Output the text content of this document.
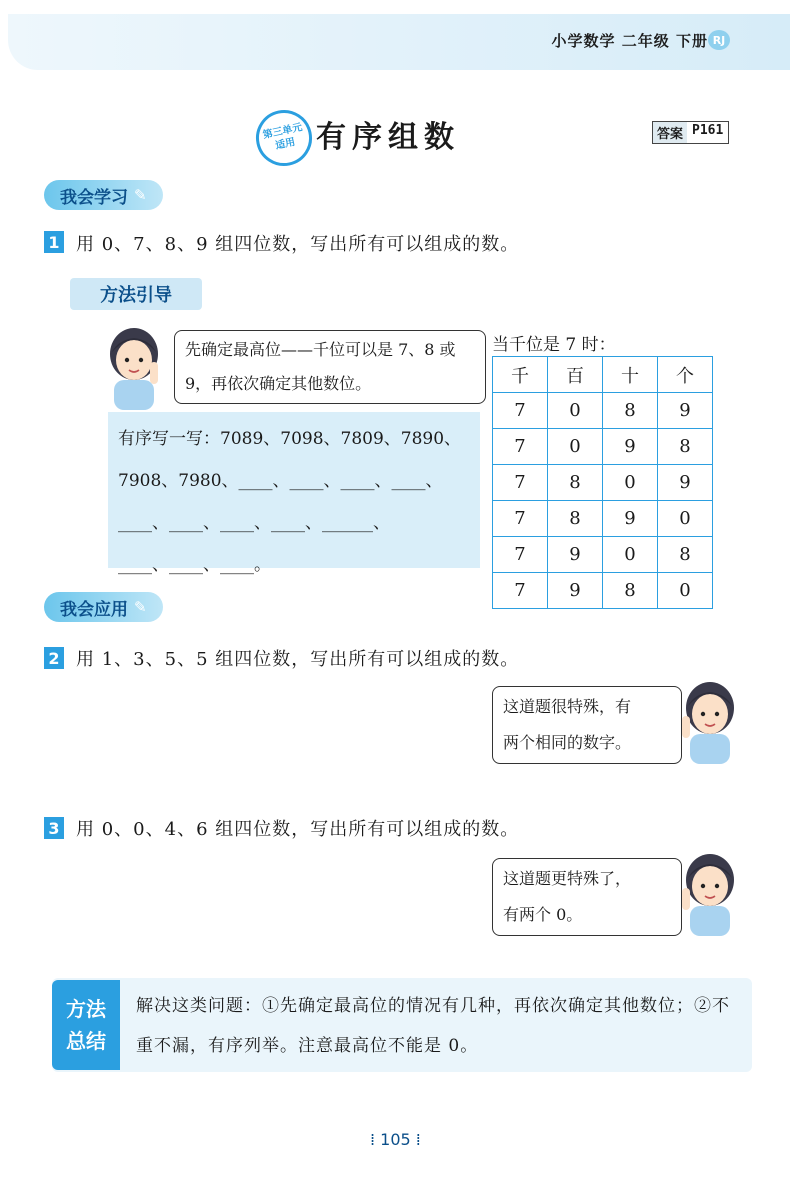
小学数学 二年级 下册 RJ
第三单元
适用 有序组数	答案 P161
我会学习 ✎
1 用 0、7、8、9 组四位数，写出所有可以组成的数。
方法引导
先确定最高位——千位可以是 7、8 或 9，再依次确定其他数位。
有序写一写：7089、7098、7809、7890、
7908、7980、____、____、____、____、
____、____、____、____、______、
____、____、____。
当千位是 7 时：
千	百	十	个
7	0	8	9
7	0	9	8
7	8	0	9
7	8	9	0
7	9	0	8
7	9	8	0
我会应用 ✎
2 用 1、3、5、5 组四位数，写出所有可以组成的数。
这道题很特殊，有
两个相同的数字。
3 用 0、0、4、6 组四位数，写出所有可以组成的数。
这道题更特殊了，
有两个 0。
方法
总结
解决这类问题：①先确定最高位的情况有几种，再依次确定其他数位；②不重不漏，有序列举。注意最高位不能是 0。
⁞ 105 ⁞
